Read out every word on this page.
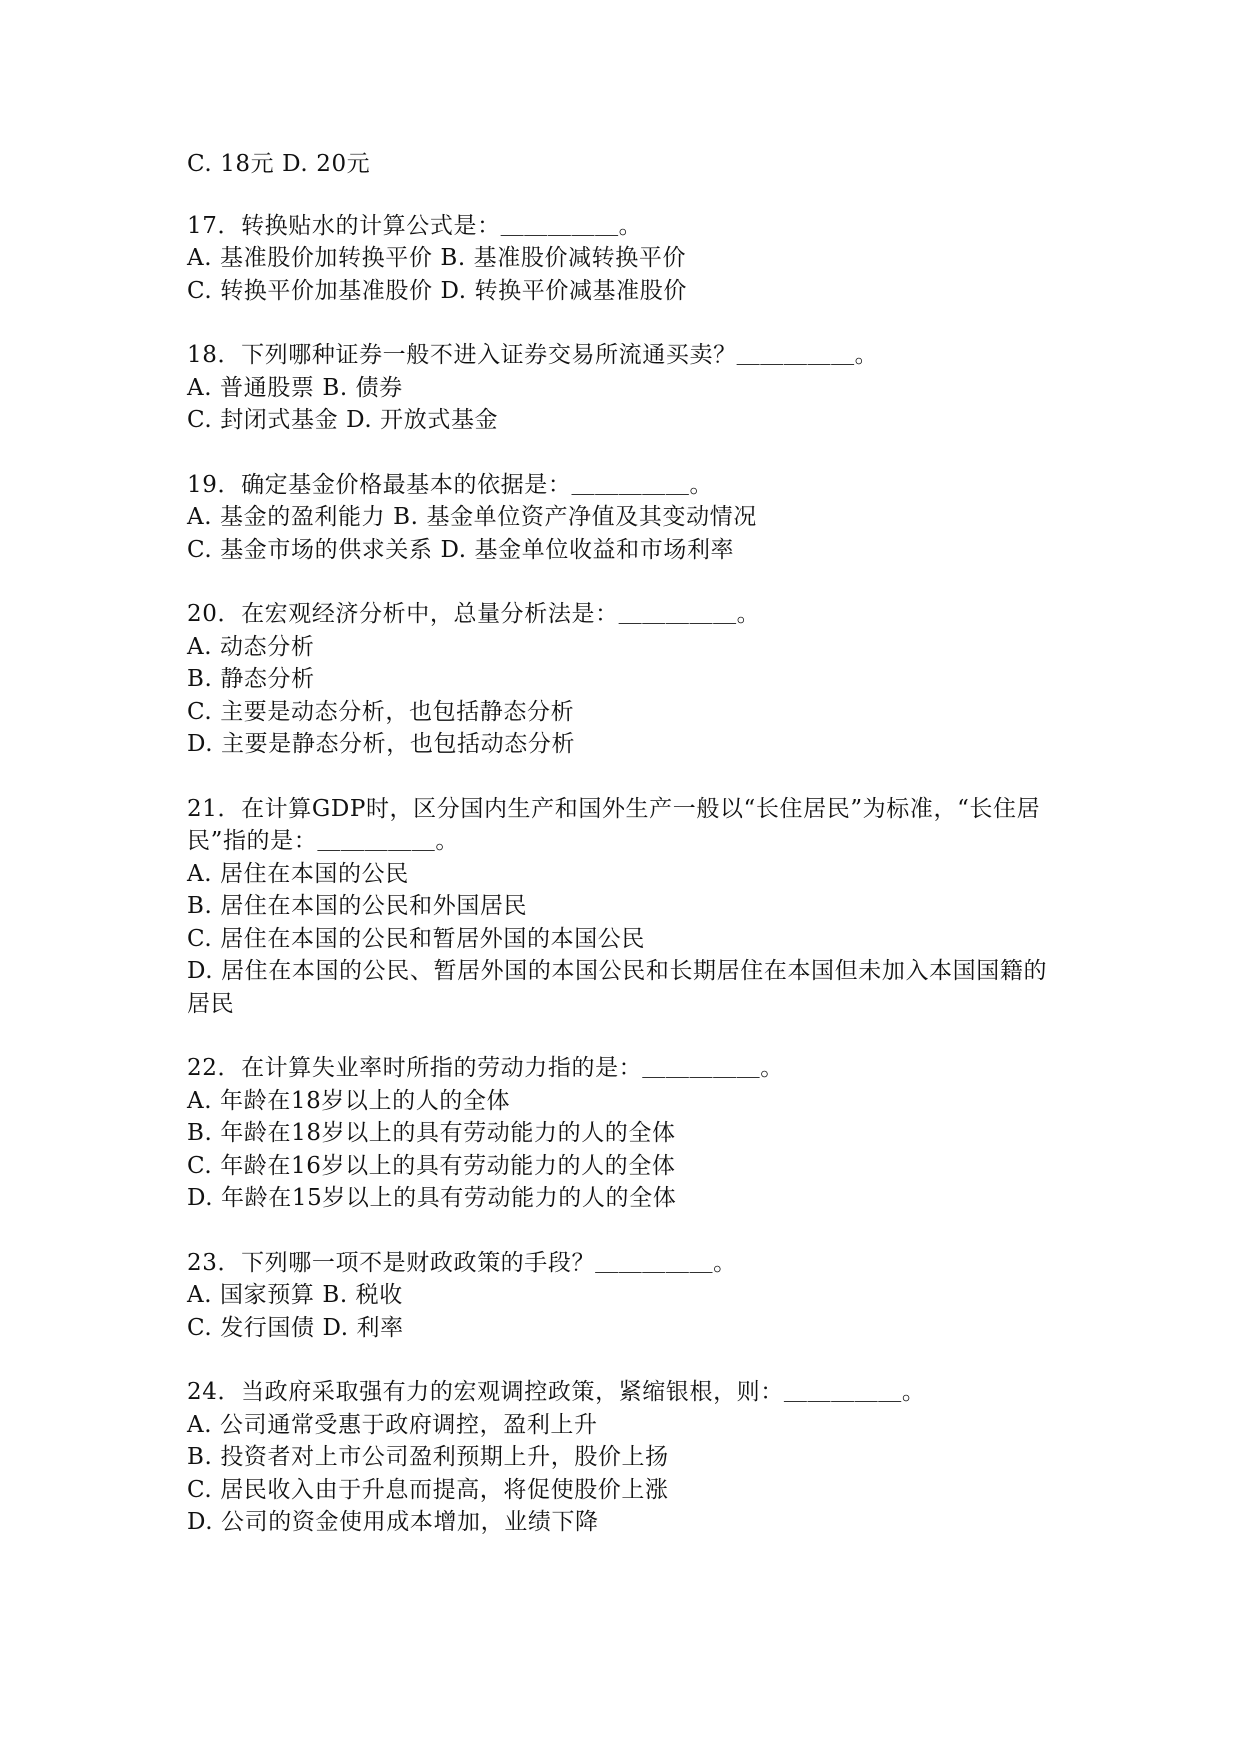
C. 18元 D. 20元
17．转换贴水的计算公式是：＿＿＿＿＿。
A. 基准股价加转换平价 B. 基准股价减转换平价
C. 转换平价加基准股价 D. 转换平价减基准股价
18．下列哪种证券一般不进入证券交易所流通买卖？＿＿＿＿＿。
A. 普通股票 B. 债券
C. 封闭式基金 D. 开放式基金
19．确定基金价格最基本的依据是：＿＿＿＿＿。
A. 基金的盈利能力 B. 基金单位资产净值及其变动情况
C. 基金市场的供求关系 D. 基金单位收益和市场利率
20．在宏观经济分析中，总量分析法是：＿＿＿＿＿。
A. 动态分析
B. 静态分析
C. 主要是动态分析，也包括静态分析
D. 主要是静态分析，也包括动态分析
21．在计算GDP时，区分国内生产和国外生产一般以“长住居民”为标准，“长住居民”指的是：＿＿＿＿＿。
A. 居住在本国的公民
B. 居住在本国的公民和外国居民
C. 居住在本国的公民和暂居外国的本国公民
D. 居住在本国的公民、暂居外国的本国公民和长期居住在本国但未加入本国国籍的居民
22．在计算失业率时所指的劳动力指的是：＿＿＿＿＿。
A. 年龄在18岁以上的人的全体
B. 年龄在18岁以上的具有劳动能力的人的全体
C. 年龄在16岁以上的具有劳动能力的人的全体
D. 年龄在15岁以上的具有劳动能力的人的全体
23．下列哪一项不是财政政策的手段？＿＿＿＿＿。
A. 国家预算 B. 税收
C. 发行国债 D. 利率
24．当政府采取强有力的宏观调控政策，紧缩银根，则：＿＿＿＿＿。
A. 公司通常受惠于政府调控，盈利上升
B. 投资者对上市公司盈利预期上升，股价上扬
C. 居民收入由于升息而提高，将促使股价上涨
D. 公司的资金使用成本增加，业绩下降
